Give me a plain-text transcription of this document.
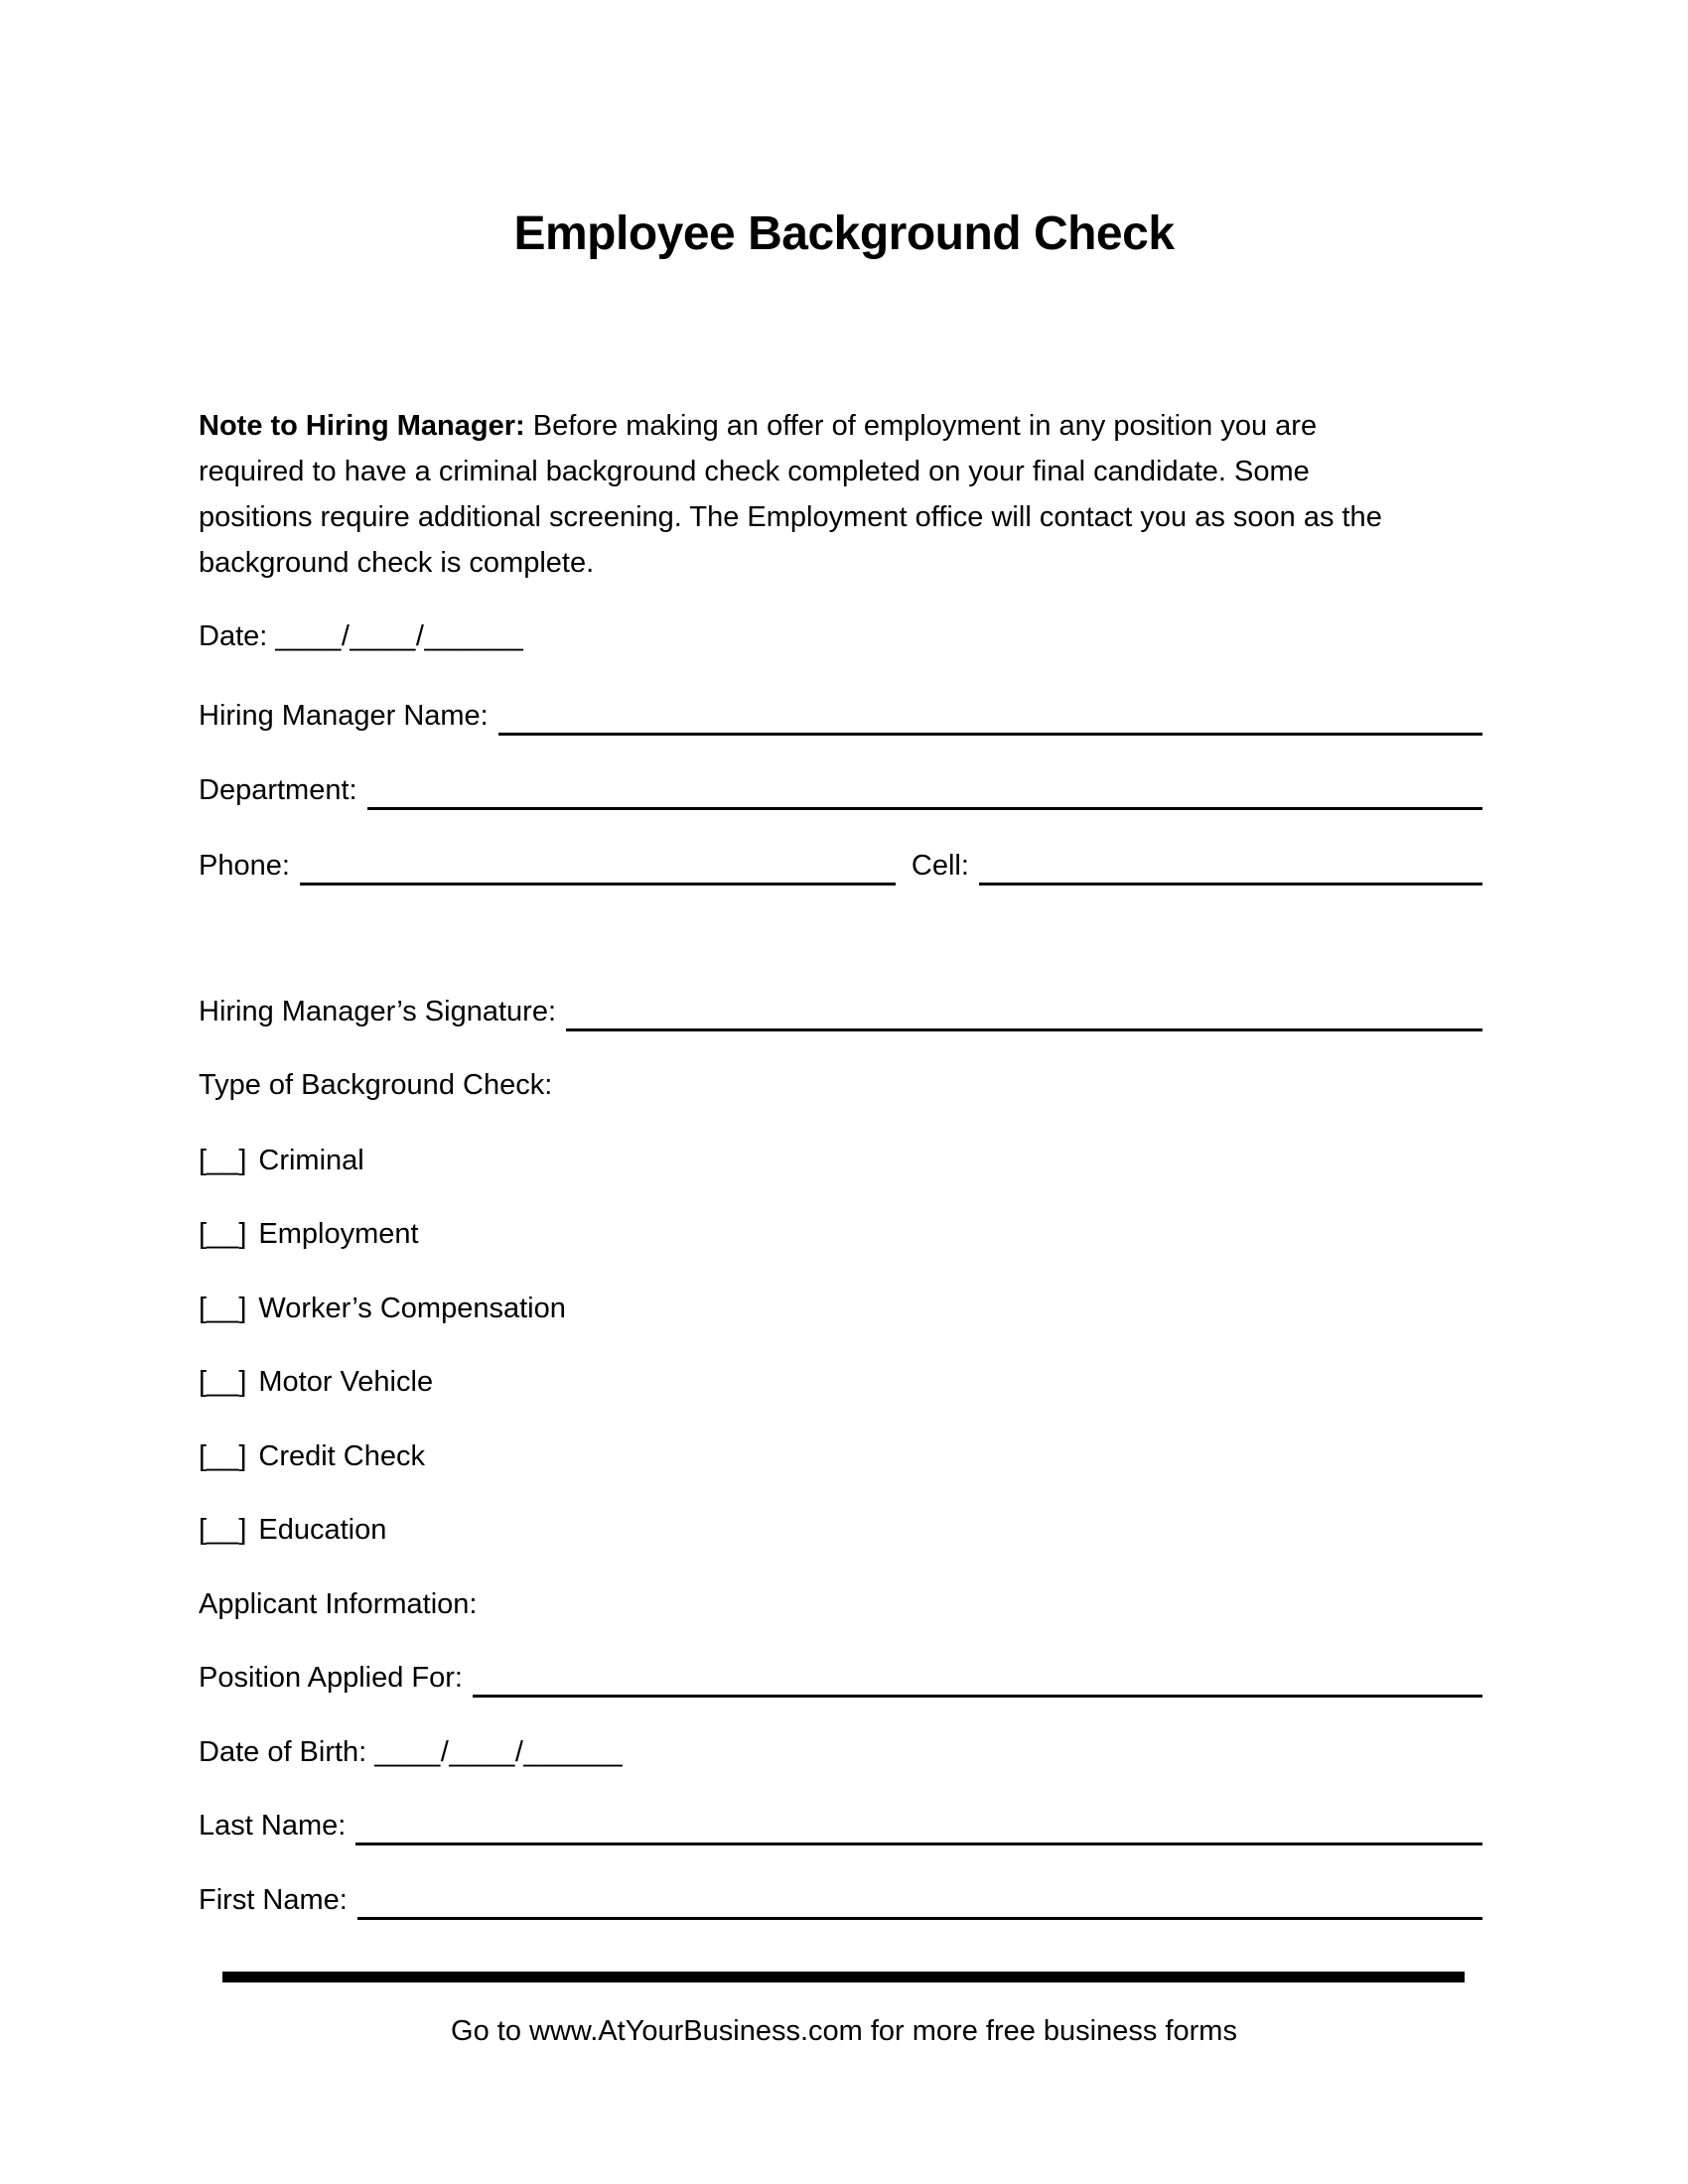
Employee Background Check
Note to Hiring Manager: Before making an offer of employment in any position you are
required to have a criminal background check completed on your final candidate. Some
positions require additional screening. The Employment office will contact you as soon as the
background check is complete.
Date: ____/____/______
Hiring Manager Name:
Department:
Phone:	Cell:
Hiring Manager’s Signature:
Type of Background Check:
[__] Criminal
[__] Employment
[__] Worker’s Compensation
[__] Motor Vehicle
[__] Credit Check
[__] Education
Applicant Information:
Position Applied For:
Date of Birth: ____/____/______
Last Name:
First Name:
Go to www.AtYourBusiness.com for more free business forms
